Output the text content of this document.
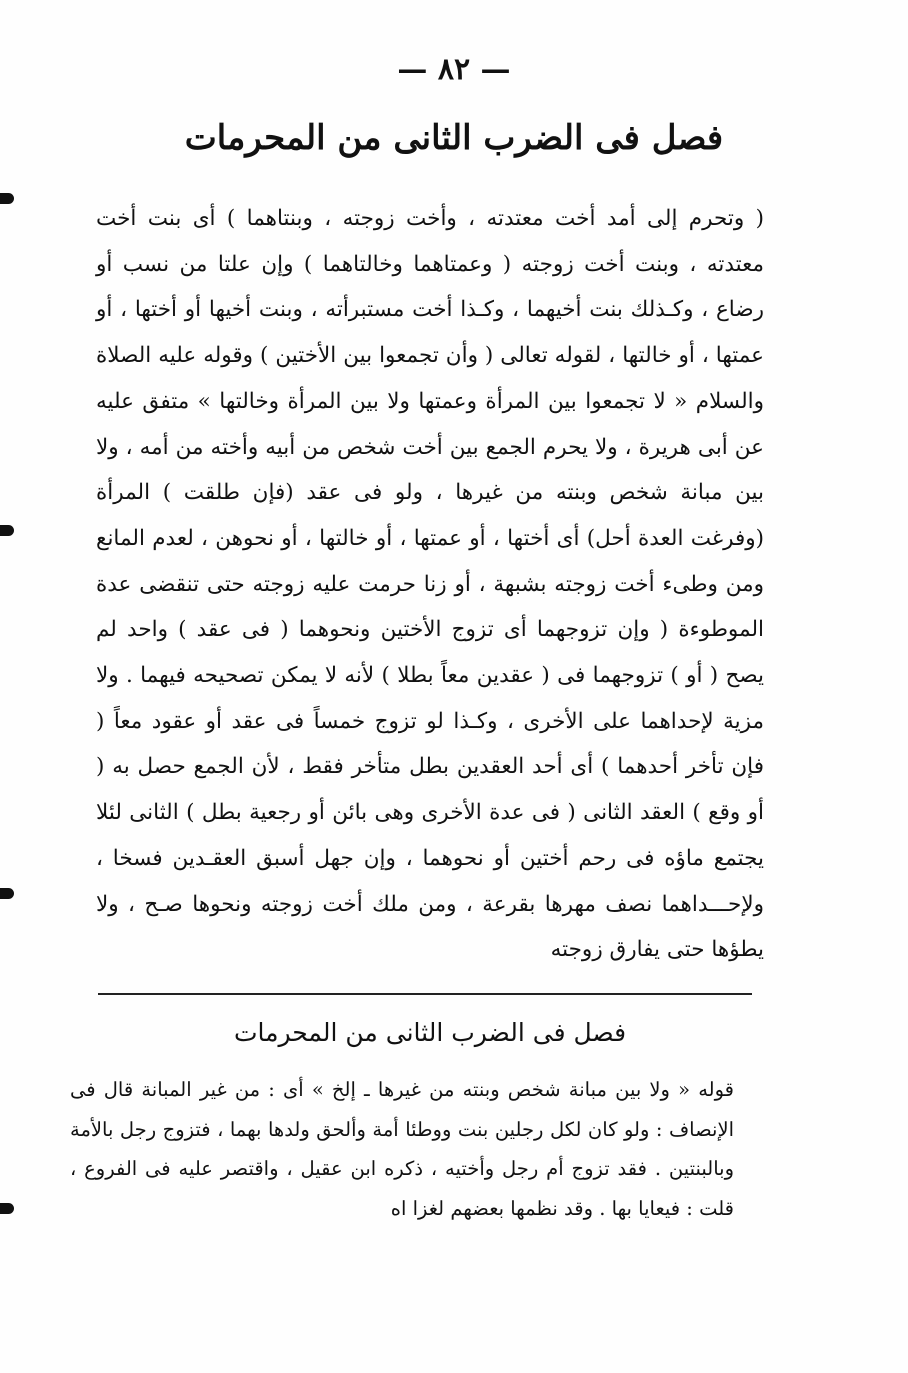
— ٨٢ —
فصل فى الضرب الثانى من المحرمات

( وتحرم إلى أمد أخت معتدته ، وأخت زوجته ، وبنتاهما ) أى بنت أخت معتدته ، وبنت أخت زوجته ( وعمتاهما وخالتاهما ) وإن علتا من نسب أو رضاع ، وكـذلك بنت أخيهما ، وكـذا أخت مستبرأته ، وبنت أخيها أو أختها ، أو عمتها ، أو خالتها ، لقوله تعالى ( وأن تجمعوا بين الأختين ) وقوله عليه الصلاة والسلام « لا تجمعوا بين المرأة وعمتها ولا بين المرأة وخالتها » متفق عليه عن أبى هريرة ، ولا يحرم الجمع بين أخت شخص من أبيه وأخته من أمه ، ولا بين مبانة شخص وبنته من غيرها ، ولو فى عقد (فإن طلقت ) المرأة (وفرغت العدة أحل) أى أختها ، أو عمتها ، أو خالتها ، أو نحوهن ، لعدم المانع ومن وطىء أخت زوجته بشبهة ، أو زنا حرمت عليه زوجته حتى تنقضى عدة الموطوءة ( وإن تزوجهما أى تزوج الأختين ونحوهما ( فى عقد ) واحد لم يصح ( أو ) تزوجهما فى ( عقدين معاً بطلا ) لأنه لا يمكن تصحيحه فيهما . ولا مزية لإحداهما على الأخرى ، وكـذا لو تزوج خمساً فى عقد أو عقود معاً ( فإن تأخر أحدهما ) أى أحد العقدين بطل متأخر فقط ، لأن الجمع حصل به ( أو وقع ) العقد الثانى ( فى عدة الأخرى وهى بائن أو رجعية بطل ) الثانى لئلا يجتمع ماؤه فى رحم أختين أو نحوهما ، وإن جهل أسبق العقـدين فسخا ، ولإحـــداهما نصف مهرها بقرعة ، ومن ملك أخت زوجته ونحوها صـح ، ولا يطؤها حتى يفارق زوجته

فصل فى الضرب الثانى من المحرمات

قوله « ولا بين مبانة شخص وبنته من غيرها ـ إلخ » أى : من غير المبانة قال فى الإنصاف : ولو كان لكل رجلين بنت ووطئا أمة وألحق ولدها بهما ، فتزوج رجل بالأمة وبالبنتين . فقد تزوج أم رجل وأختيه ، ذكره ابن عقيل ، واقتصر عليه فى الفروع ، قلت : فيعايا بها . وقد نظمها بعضهم لغزا اه
